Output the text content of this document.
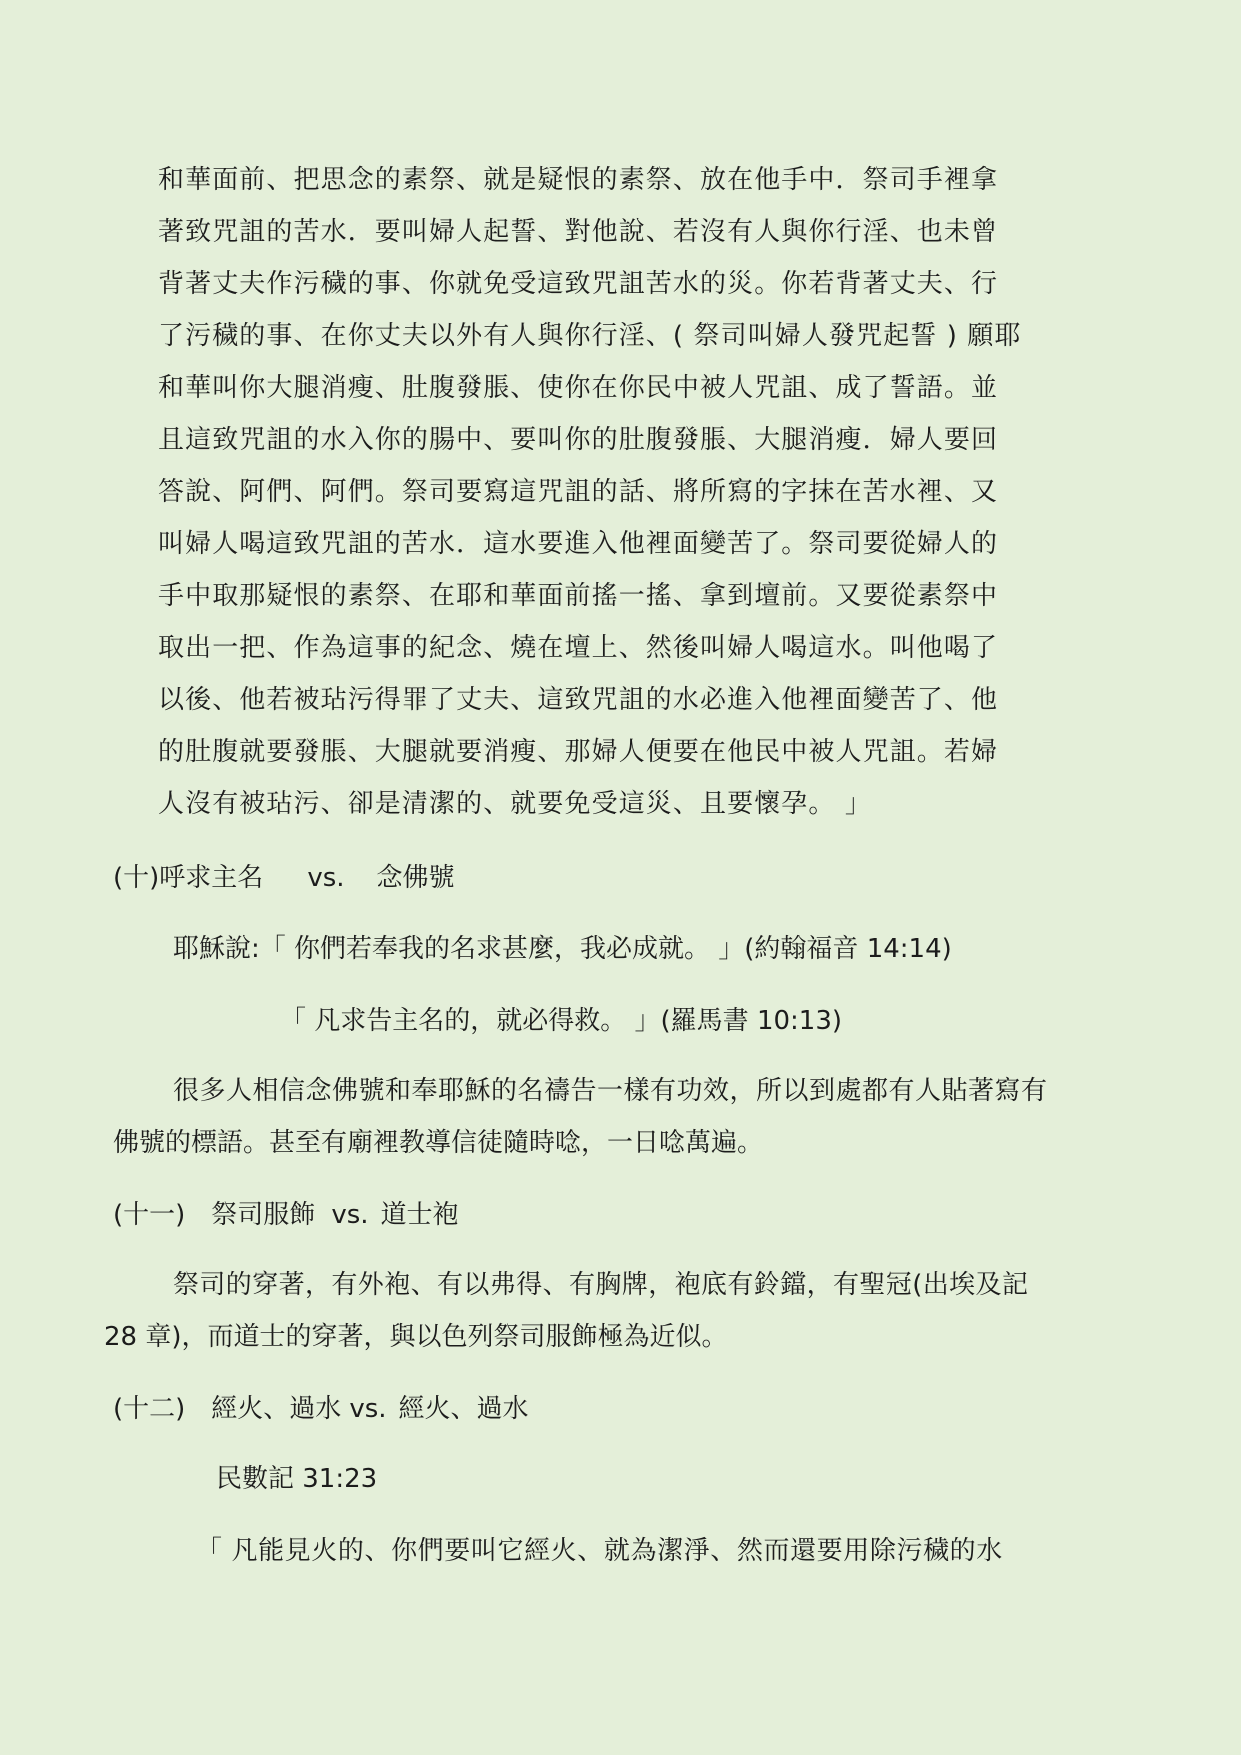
和華面前、把思念的素祭、就是疑恨的素祭、放在他手中．祭司手裡拿
著致咒詛的苦水．要叫婦人起誓、對他說、若沒有人與你行淫、也未曾
背著丈夫作污穢的事、你就免受這致咒詛苦水的災。你若背著丈夫、行
了污穢的事、在你丈夫以外有人與你行淫、( 祭司叫婦人發咒起誓 ) 願耶
和華叫你大腿消瘦、肚腹發脹、使你在你民中被人咒詛、成了誓語。並
且這致咒詛的水入你的腸中、要叫你的肚腹發脹、大腿消瘦．婦人要回
答說、阿們、阿們。祭司要寫這咒詛的話、將所寫的字抹在苦水裡、又
叫婦人喝這致咒詛的苦水．這水要進入他裡面變苦了。祭司要從婦人的
手中取那疑恨的素祭、在耶和華面前搖一搖、拿到壇前。又要從素祭中
取出一把、作為這事的紀念、燒在壇上、然後叫婦人喝這水。叫他喝了
以後、他若被玷污得罪了丈夫、這致咒詛的水必進入他裡面變苦了、他
的肚腹就要發脹、大腿就要消瘦、那婦人便要在他民中被人咒詛。若婦
人沒有被玷污、卻是清潔的、就要免受這災、且要懷孕。 」
(十)呼求主名 vs. 念佛號
耶穌說:「 你們若奉我的名求甚麼，我必成就。 」(約翰福音 14:14)
「 凡求告主名的，就必得救。 」(羅馬書 10:13)
很多人相信念佛號和奉耶穌的名禱告一樣有功效，所以到處都有人貼著寫有
佛號的標語。甚至有廟裡教導信徒隨時唸，一日唸萬遍。
(十一) 祭司服飾 vs. 道士袍
祭司的穿著，有外袍、有以弗得、有胸牌，袍底有鈴鐺，有聖冠(出埃及記
28 章)，而道士的穿著，與以色列祭司服飾極為近似。
(十二) 經火、過水 vs. 經火、過水
民數記 31:23
「 凡能見火的、你們要叫它經火、就為潔淨、然而還要用除污穢的水
